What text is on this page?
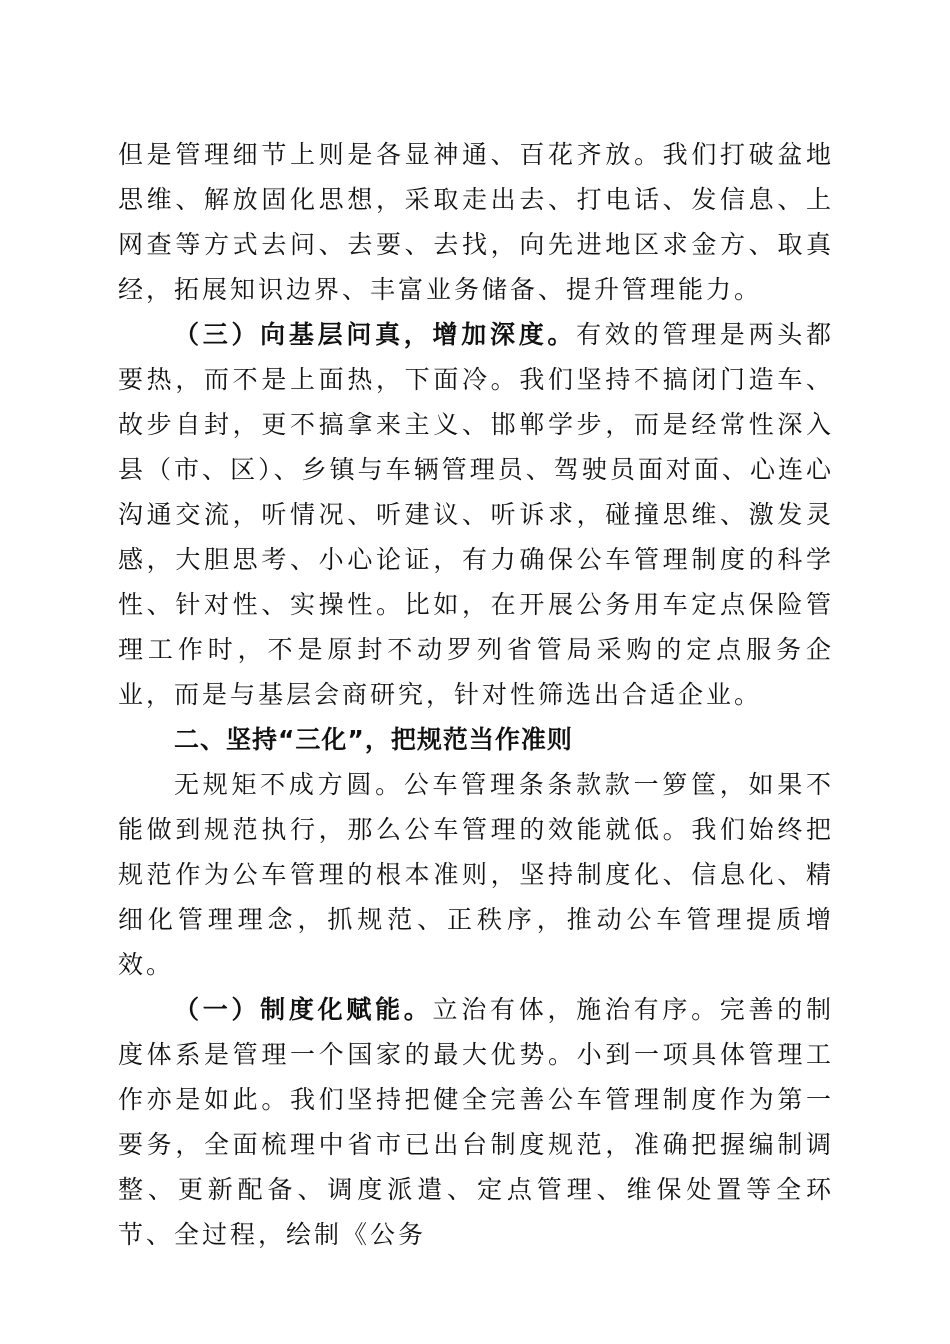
但是管理细节上则是各显神通、百花齐放。我们打破盆地思维、解放固化思想，采取走出去、打电话、发信息、上网查等方式去问、去要、去找，向先进地区求金方、取真经，拓展知识边界、丰富业务储备、提升管理能力。

（三）向基层问真，增加深度。有效的管理是两头都要热，而不是上面热，下面冷。我们坚持不搞闭门造车、故步自封，更不搞拿来主义、邯郸学步，而是经常性深入县（市、区）、乡镇与车辆管理员、驾驶员面对面、心连心沟通交流，听情况、听建议、听诉求，碰撞思维、激发灵感，大胆思考、小心论证，有力确保公车管理制度的科学性、针对性、实操性。比如，在开展公务用车定点保险管理工作时，不是原封不动罗列省管局采购的定点服务企业，而是与基层会商研究，针对性筛选出合适企业。

二、坚持“三化”，把规范当作准则

无规矩不成方圆。公车管理条条款款一箩筐，如果不能做到规范执行，那么公车管理的效能就低。我们始终把规范作为公车管理的根本准则，坚持制度化、信息化、精细化管理理念，抓规范、正秩序，推动公车管理提质增效。

（一）制度化赋能。立治有体，施治有序。完善的制度体系是管理一个国家的最大优势。小到一项具体管理工作亦是如此。我们坚持把健全完善公车管理制度作为第一要务，全面梳理中省市已出台制度规范，准确把握编制调整、更新配备、调度派遣、定点管理、维保处置等全环节、全过程，绘制《公务
